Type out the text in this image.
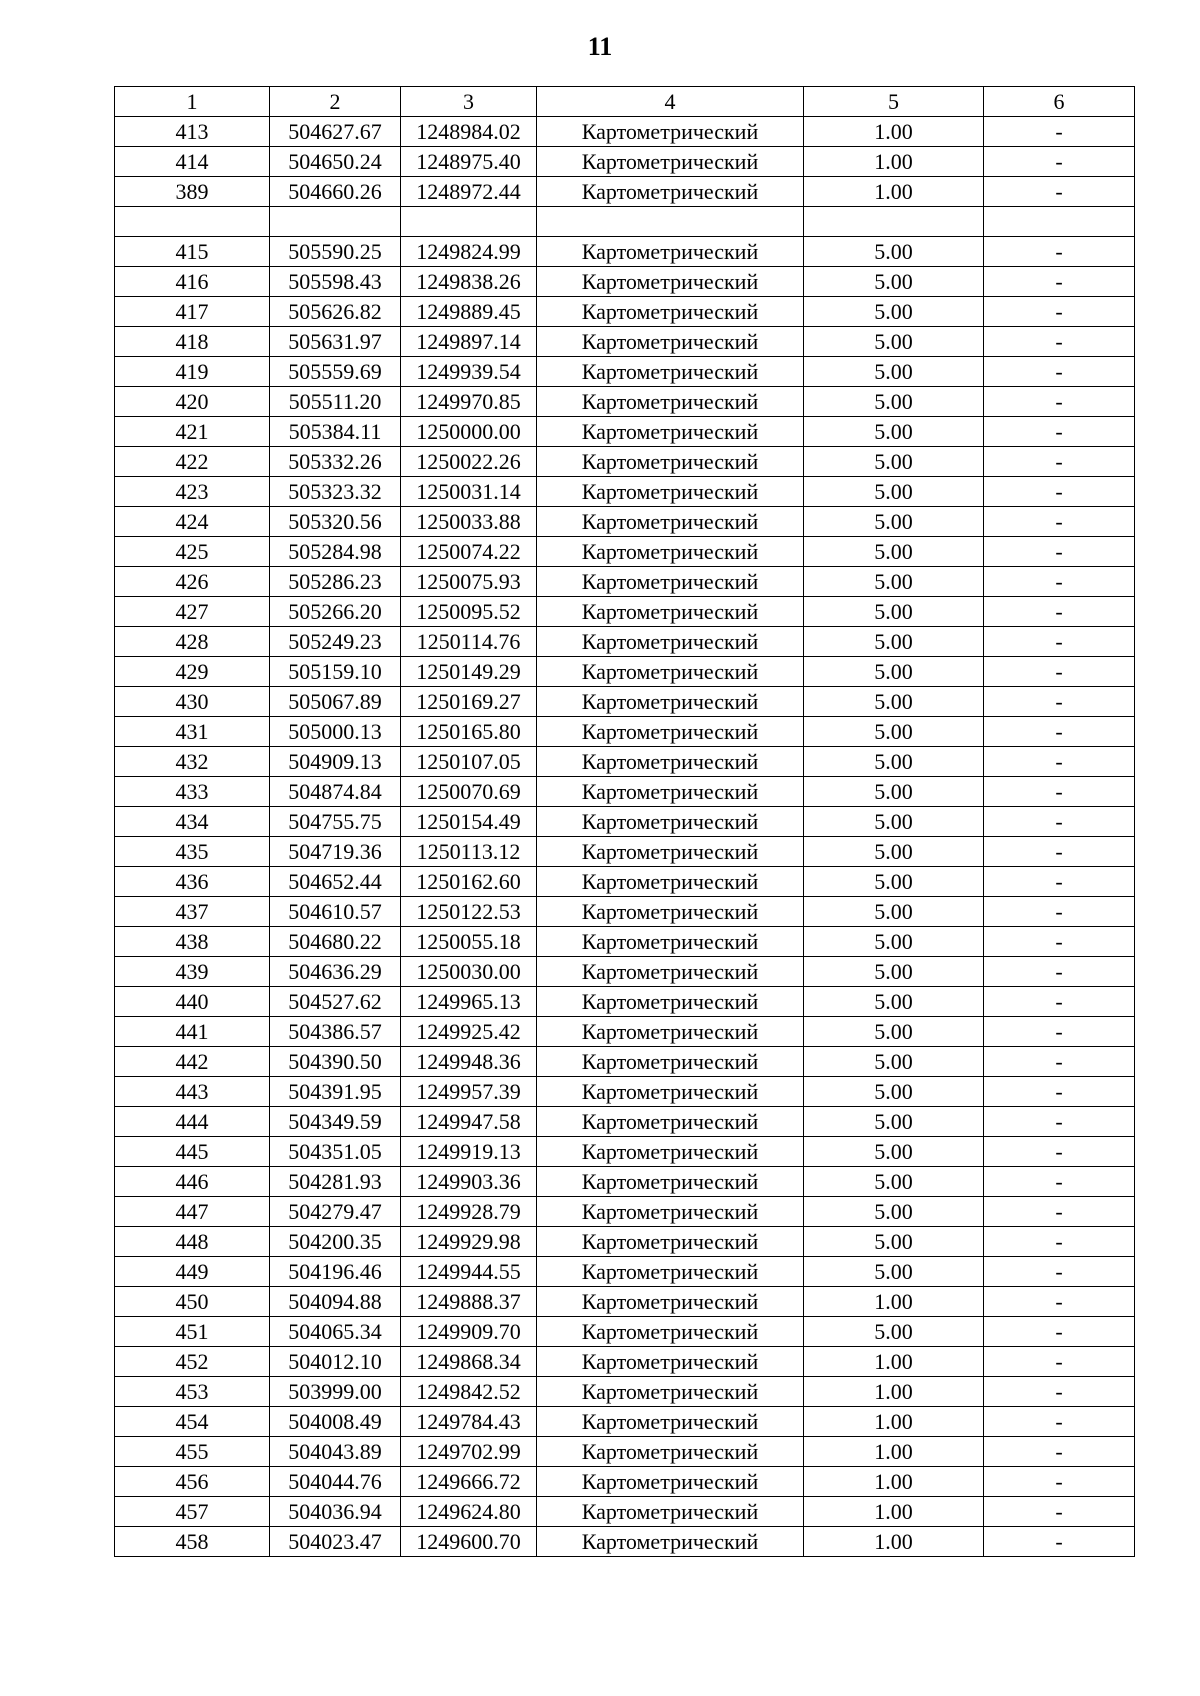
11
1	2	3	4	5	6
413	504627.67	1248984.02	Картометрический	1.00	-
414	504650.24	1248975.40	Картометрический	1.00	-
389	504660.26	1248972.44	Картометрический	1.00	-

415	505590.25	1249824.99	Картометрический	5.00	-
416	505598.43	1249838.26	Картометрический	5.00	-
417	505626.82	1249889.45	Картометрический	5.00	-
418	505631.97	1249897.14	Картометрический	5.00	-
419	505559.69	1249939.54	Картометрический	5.00	-
420	505511.20	1249970.85	Картометрический	5.00	-
421	505384.11	1250000.00	Картометрический	5.00	-
422	505332.26	1250022.26	Картометрический	5.00	-
423	505323.32	1250031.14	Картометрический	5.00	-
424	505320.56	1250033.88	Картометрический	5.00	-
425	505284.98	1250074.22	Картометрический	5.00	-
426	505286.23	1250075.93	Картометрический	5.00	-
427	505266.20	1250095.52	Картометрический	5.00	-
428	505249.23	1250114.76	Картометрический	5.00	-
429	505159.10	1250149.29	Картометрический	5.00	-
430	505067.89	1250169.27	Картометрический	5.00	-
431	505000.13	1250165.80	Картометрический	5.00	-
432	504909.13	1250107.05	Картометрический	5.00	-
433	504874.84	1250070.69	Картометрический	5.00	-
434	504755.75	1250154.49	Картометрический	5.00	-
435	504719.36	1250113.12	Картометрический	5.00	-
436	504652.44	1250162.60	Картометрический	5.00	-
437	504610.57	1250122.53	Картометрический	5.00	-
438	504680.22	1250055.18	Картометрический	5.00	-
439	504636.29	1250030.00	Картометрический	5.00	-
440	504527.62	1249965.13	Картометрический	5.00	-
441	504386.57	1249925.42	Картометрический	5.00	-
442	504390.50	1249948.36	Картометрический	5.00	-
443	504391.95	1249957.39	Картометрический	5.00	-
444	504349.59	1249947.58	Картометрический	5.00	-
445	504351.05	1249919.13	Картометрический	5.00	-
446	504281.93	1249903.36	Картометрический	5.00	-
447	504279.47	1249928.79	Картометрический	5.00	-
448	504200.35	1249929.98	Картометрический	5.00	-
449	504196.46	1249944.55	Картометрический	5.00	-
450	504094.88	1249888.37	Картометрический	1.00	-
451	504065.34	1249909.70	Картометрический	5.00	-
452	504012.10	1249868.34	Картометрический	1.00	-
453	503999.00	1249842.52	Картометрический	1.00	-
454	504008.49	1249784.43	Картометрический	1.00	-
455	504043.89	1249702.99	Картометрический	1.00	-
456	504044.76	1249666.72	Картометрический	1.00	-
457	504036.94	1249624.80	Картометрический	1.00	-
458	504023.47	1249600.70	Картометрический	1.00	-
